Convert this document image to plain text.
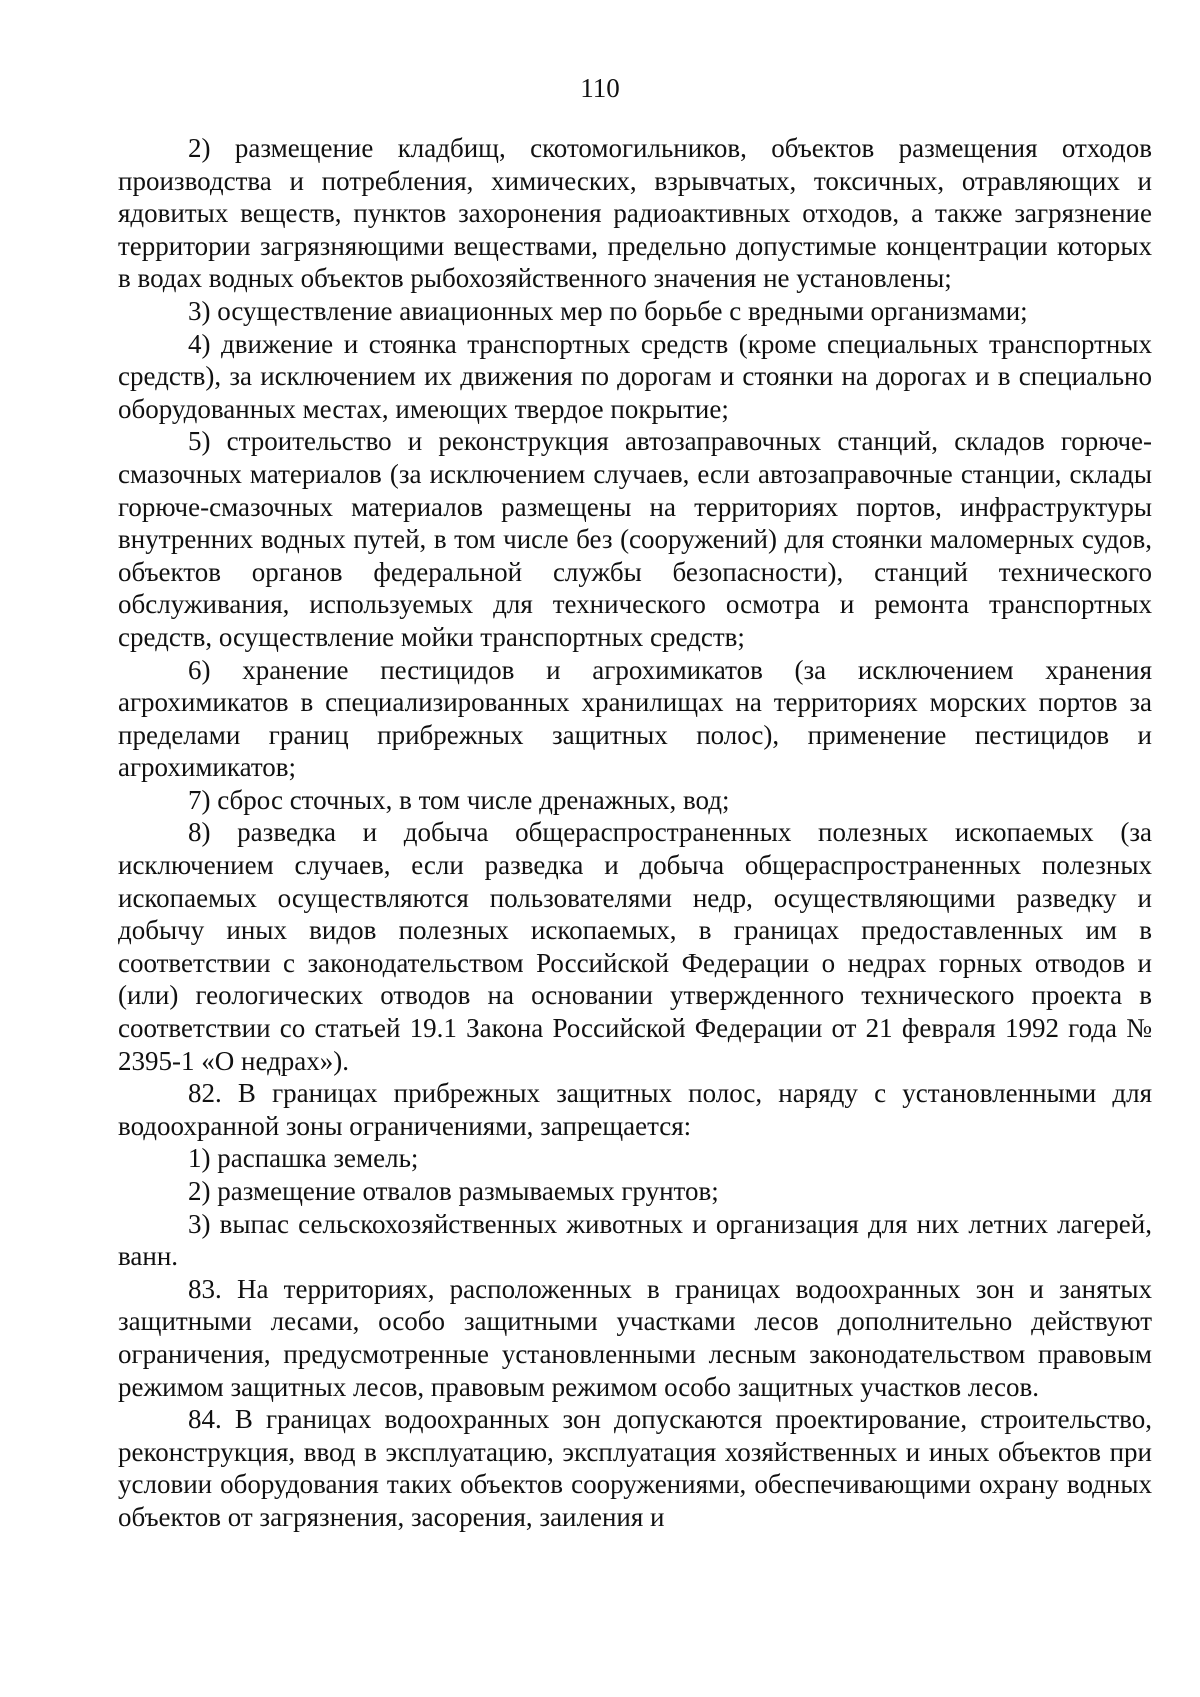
110

2) размещение кладбищ, скотомогильников, объектов размещения отходов производства и потребления, химических, взрывчатых, токсичных, отравляющих и ядовитых веществ, пунктов захоронения радиоактивных отходов, а также загрязнение территории загрязняющими веществами, предельно допустимые концентрации которых в водах водных объектов рыбохозяйственного значения не установлены;

3) осуществление авиационных мер по борьбе с вредными организмами;

4) движение и стоянка транспортных средств (кроме специальных транспортных средств), за исключением их движения по дорогам и стоянки на дорогах и в специально оборудованных местах, имеющих твердое покрытие;

5) строительство и реконструкция автозаправочных станций, складов горюче-смазочных материалов (за исключением случаев, если автозаправочные станции, склады горюче-смазочных материалов размещены на территориях портов, инфраструктуры внутренних водных путей, в том числе без (сооружений) для стоянки маломерных судов, объектов органов федеральной службы безопасности), станций технического обслуживания, используемых для технического осмотра и ремонта транспортных средств, осуществление мойки транспортных средств;

6) хранение пестицидов и агрохимикатов (за исключением хранения агрохимикатов в специализированных хранилищах на территориях морских портов за пределами границ прибрежных защитных полос), применение пестицидов и агрохимикатов;

7) сброс сточных, в том числе дренажных, вод;

8) разведка и добыча общераспространенных полезных ископаемых (за исключением случаев, если разведка и добыча общераспространенных полезных ископаемых осуществляются пользователями недр, осуществляющими разведку и добычу иных видов полезных ископаемых, в границах предоставленных им в соответствии с законодательством Российской Федерации о недрах горных отводов и (или) геологических отводов на основании утвержденного технического проекта в соответствии со статьей 19.1 Закона Российской Федерации от 21 февраля 1992 года № 2395-1 «О недрах»).

82. В границах прибрежных защитных полос, наряду с установленными для водоохранной зоны ограничениями, запрещается:

1) распашка земель;

2) размещение отвалов размываемых грунтов;

3) выпас сельскохозяйственных животных и организация для них летних лагерей, ванн.

83. На территориях, расположенных в границах водоохранных зон и занятых защитными лесами, особо защитными участками лесов дополнительно действуют ограничения, предусмотренные установленными лесным законодательством правовым режимом защитных лесов, правовым режимом особо защитных участков лесов.

84. В границах водоохранных зон допускаются проектирование, строительство, реконструкция, ввод в эксплуатацию, эксплуатация хозяйственных и иных объектов при условии оборудования таких объектов сооружениями, обеспечивающими охрану водных объектов от загрязнения, засорения, заиления и
